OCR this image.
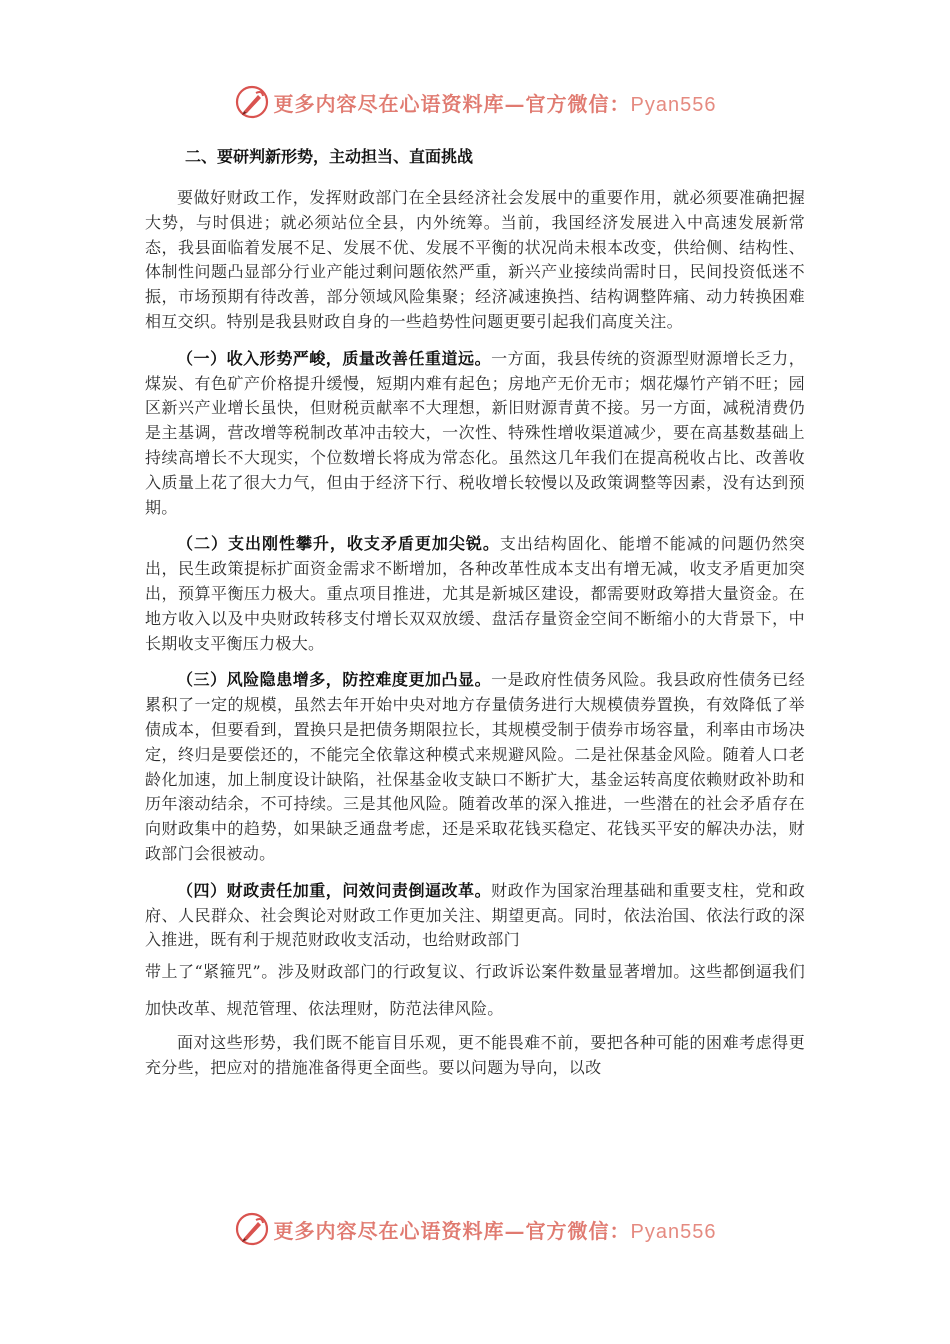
更多内容尽在心语资料库—官方微信：Pyan556
二、要研判新形势，主动担当、直面挑战

要做好财政工作，发挥财政部门在全县经济社会发展中的重要作用，就必须要准确把握大势，与时俱进；就必须站位全县，内外统筹。当前，我国经济发展进入中高速发展新常态，我县面临着发展不足、发展不优、发展不平衡的状况尚未根本改变，供给侧、结构性、体制性问题凸显部分行业产能过剩问题依然严重，新兴产业接续尚需时日，民间投资低迷不振，市场预期有待改善，部分领域风险集聚；经济减速换挡、结构调整阵痛、动力转换困难相互交织。特别是我县财政自身的一些趋势性问题更要引起我们高度关注。

（一）收入形势严峻，质量改善任重道远。一方面，我县传统的资源型财源增长乏力，煤炭、有色矿产价格提升缓慢，短期内难有起色；房地产无价无市；烟花爆竹产销不旺；园区新兴产业增长虽快，但财税贡献率不大理想，新旧财源青黄不接。另一方面，减税清费仍是主基调，营改增等税制改革冲击较大，一次性、特殊性增收渠道减少，要在高基数基础上持续高增长不大现实，个位数增长将成为常态化。虽然这几年我们在提高税收占比、改善收入质量上花了很大力气，但由于经济下行、税收增长较慢以及政策调整等因素，没有达到预期。

（二）支出刚性攀升，收支矛盾更加尖锐。支出结构固化、能增不能减的问题仍然突出，民生政策提标扩面资金需求不断增加，各种改革性成本支出有增无减，收支矛盾更加突出，预算平衡压力极大。重点项目推进，尤其是新城区建设，都需要财政筹措大量资金。在地方收入以及中央财政转移支付增长双双放缓、盘活存量资金空间不断缩小的大背景下，中长期收支平衡压力极大。

（三）风险隐患增多，防控难度更加凸显。一是政府性债务风险。我县政府性债务已经累积了一定的规模，虽然去年开始中央对地方存量债务进行大规模债券置换，有效降低了举债成本，但要看到，置换只是把债务期限拉长，其规模受制于债券市场容量，利率由市场决定，终归是要偿还的，不能完全依靠这种模式来规避风险。二是社保基金风险。随着人口老龄化加速，加上制度设计缺陷，社保基金收支缺口不断扩大，基金运转高度依赖财政补助和历年滚动结余，不可持续。三是其他风险。随着改革的深入推进，一些潜在的社会矛盾存在向财政集中的趋势，如果缺乏通盘考虑，还是采取花钱买稳定、花钱买平安的解决办法，财政部门会很被动。

（四）财政责任加重，问效问责倒逼改革。财政作为国家治理基础和重要支柱，党和政府、人民群众、社会舆论对财政工作更加关注、期望更高。同时，依法治国、依法行政的深入推进，既有利于规范财政收支活动，也给财政部门

带上了“紧箍咒”。涉及财政部门的行政复议、行政诉讼案件数量显著增加。这些都倒逼我们加快改革、规范管理、依法理财，防范法律风险。

面对这些形势，我们既不能盲目乐观，更不能畏难不前，要把各种可能的困难考虑得更充分些，把应对的措施准备得更全面些。要以问题为导向，以改

更多内容尽在心语资料库—官方微信：Pyan556
